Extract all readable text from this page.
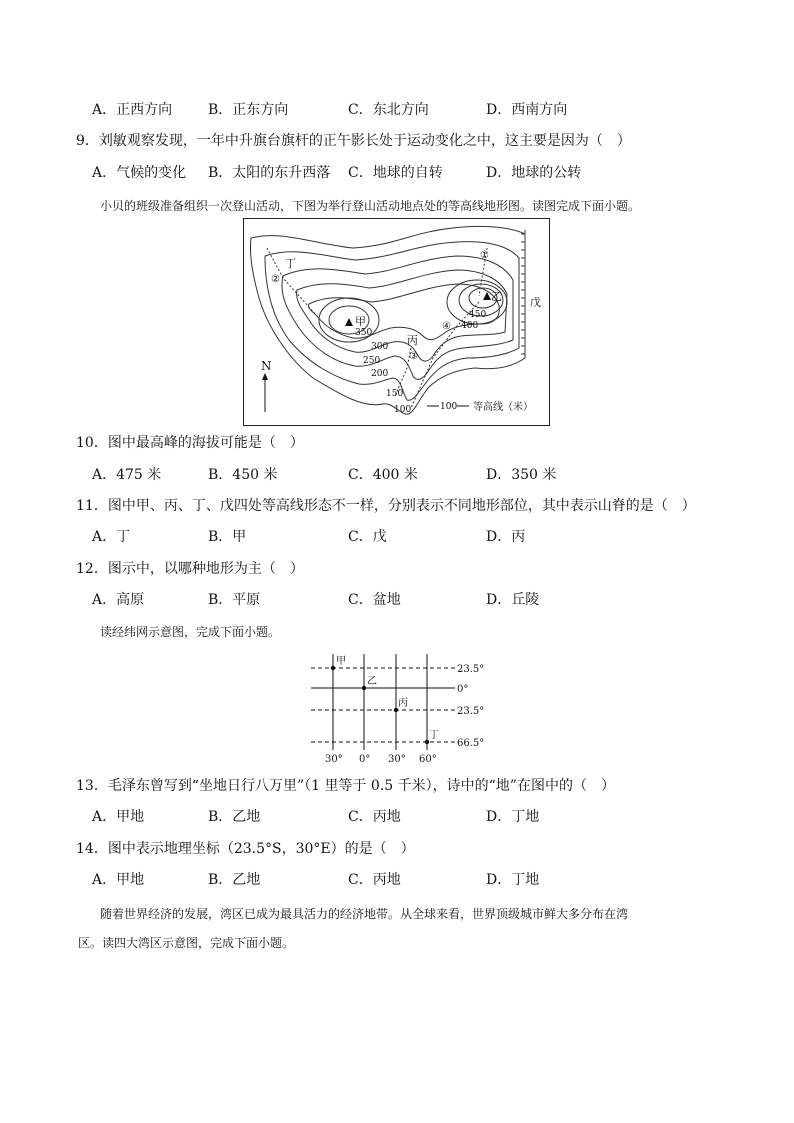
A．正西方向	B．正东方向	C．东北方向	D．西南方向
9．刘敏观察发现，一年中升旗台旗杆的正午影长处于运动变化之中，这主要是因为（　）
A．气候的变化 B．太阳的东升西落 C．地球的自转	D．地球的公转
小贝的班级准备组织一次登山活动，下图为举行登山活动地点处的等高线地形图。读图完成下面小题。
甲
乙
丙
丁
戊
N
①
②
③
④
450
400
350
300
250
200
150
100	100 等高线（米）
10．图中最高峰的海拔可能是（　）
A．475 米	B．450 米	C．400 米	D．350 米
11．图中甲、丙、丁、戊四处等高线形态不一样，分别表示不同地形部位，其中表示山脊的是（　）
A．丁	B．甲	C．戊	D．丙
12．图示中，以哪种地形为主（　）
A．高原	B．平原	C．盆地	D．丘陵
读经纬网示意图，完成下面小题。
甲
乙
丙
丁
23.5°
0°
23.5°
66.5°
30° 0° 30° 60°
13．毛泽东曾写到“坐地日行八万里”（1 里等于 0.5 千米），诗中的“地”在图中的（　）
A．甲地	B．乙地	C．丙地	D．丁地
14．图中表示地理坐标（23.5°S，30°E）的是（　）
A．甲地	B．乙地	C．丙地	D．丁地
随着世界经济的发展，湾区已成为最具活力的经济地带。从全球来看，世界顶级城市鲜大多分布在湾
区。读四大湾区示意图，完成下面小题。
